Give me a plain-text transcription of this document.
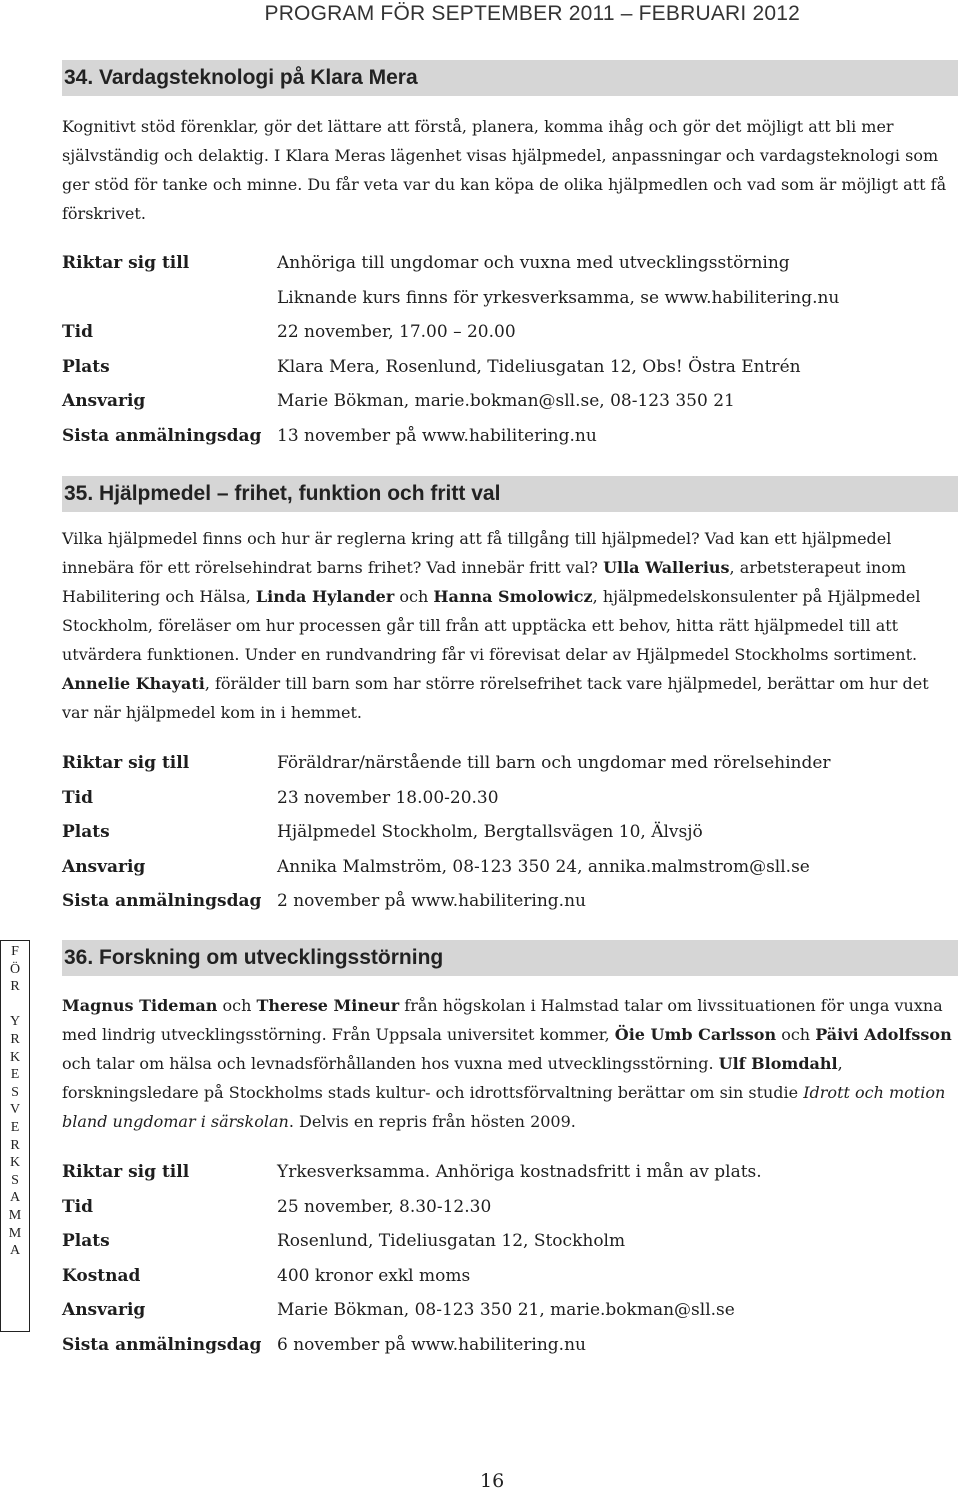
PROGRAM FÖR SEPTEMBER 2011 – FEBRUARI 2012
34. Vardagsteknologi på Klara Mera
Kognitivt stöd förenklar, gör det lättare att förstå, planera, komma ihåg och gör det möjligt att bli mer självständig och delaktig. I Klara Meras lägenhet visas hjälpmedel, anpassningar och vardagsteknologi som ger stöd för tanke och minne. Du får veta var du kan köpa de olika hjälpmedlen och vad som är möjligt att få förskrivet.
Riktar sig till	Anhöriga till ungdomar och vuxna med utvecklingsstörning
Liknande kurs finns för yrkesverksamma, se www.habilitering.nu
Tid	22 november, 17.00 – 20.00
Plats	Klara Mera, Rosenlund, Tideliusgatan 12, Obs! Östra Entrén
Ansvarig	Marie Bökman, marie.bokman@sll.se, 08-123 350 21
Sista anmälningsdag 13 november på www.habilitering.nu
35. Hjälpmedel – frihet, funktion och fritt val
Vilka hjälpmedel finns och hur är reglerna kring att få tillgång till hjälpmedel? Vad kan ett hjälpmedel innebära för ett rörelsehindrat barns frihet? Vad innebär fritt val? Ulla Wallerius, arbetsterapeut inom Habilitering och Hälsa, Linda Hylander och Hanna Smolowicz, hjälpmedelskonsulenter på Hjälpmedel Stockholm, föreläser om hur processen går till från att upptäcka ett behov, hitta rätt hjälpmedel till att utvärdera funktionen. Under en rundvandring får vi förevisat delar av Hjälpmedel Stockholms sortiment. Annelie Khayati, förälder till barn som har större rörelsefrihet tack vare hjälpmedel, berättar om hur det var när hjälpmedel kom in i hemmet.
Riktar sig till	Föräldrar/närstående till barn och ungdomar med rörelsehinder
Tid	23 november 18.00-20.30
Plats	Hjälpmedel Stockholm, Bergtallsvägen 10, Älvsjö
Ansvarig	Annika Malmström, 08-123 350 24, annika.malmstrom@sll.se
Sista anmälningsdag 2 november på www.habilitering.nu
F
Ö
R
Y
R
K
E
S
V
E
R
K
S
A
M
M
A
36. Forskning om utvecklingsstörning
Magnus Tideman och Therese Mineur från högskolan i Halmstad talar om livssituationen för unga vuxna med lindrig utvecklingsstörning. Från Uppsala universitet kommer, Öie Umb Carlsson och Päivi Adolfsson och talar om hälsa och levnadsförhållanden hos vuxna med utvecklingsstörning. Ulf Blomdahl, forskningsledare på Stockholms stads kultur- och idrottsförvaltning berättar om sin studie Idrott och motion bland ungdomar i särskolan. Delvis en repris från hösten 2009.
Riktar sig till	Yrkesverksamma. Anhöriga kostnadsfritt i mån av plats.
Tid	25 november, 8.30-12.30
Plats	Rosenlund, Tideliusgatan 12, Stockholm
Kostnad	400 kronor exkl moms
Ansvarig	Marie Bökman, 08-123 350 21, marie.bokman@sll.se
Sista anmälningsdag 6 november på www.habilitering.nu
16
